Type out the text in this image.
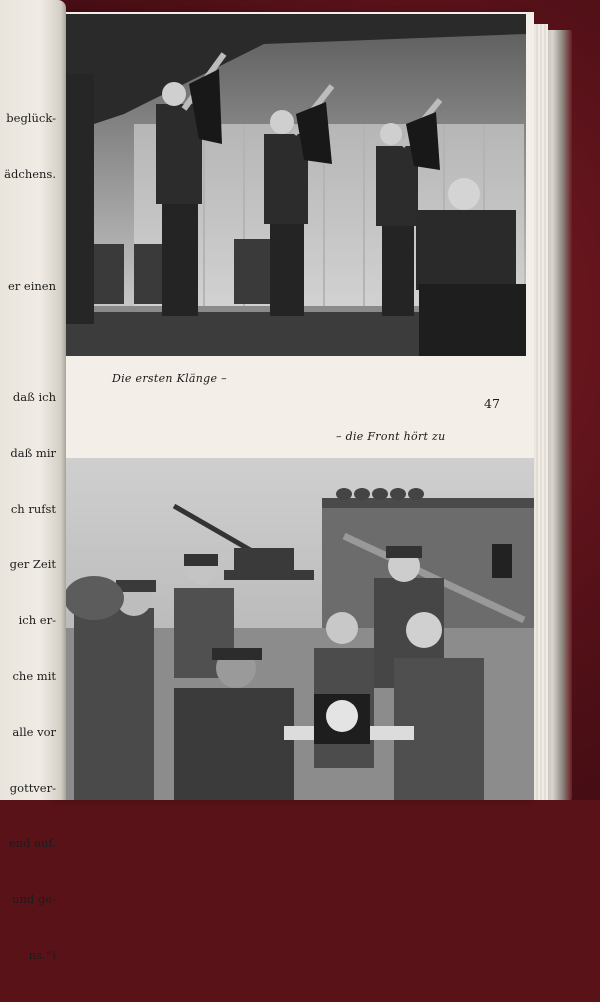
Die ersten Klänge –
47
– die Front hört zu

beglück-

ädchens.

er einen

daß ich

daß mir

ch rufst

ger Zeit

ich er-

che mit

alle vor

gottver-

end auf.

und ge-

ns.“)
